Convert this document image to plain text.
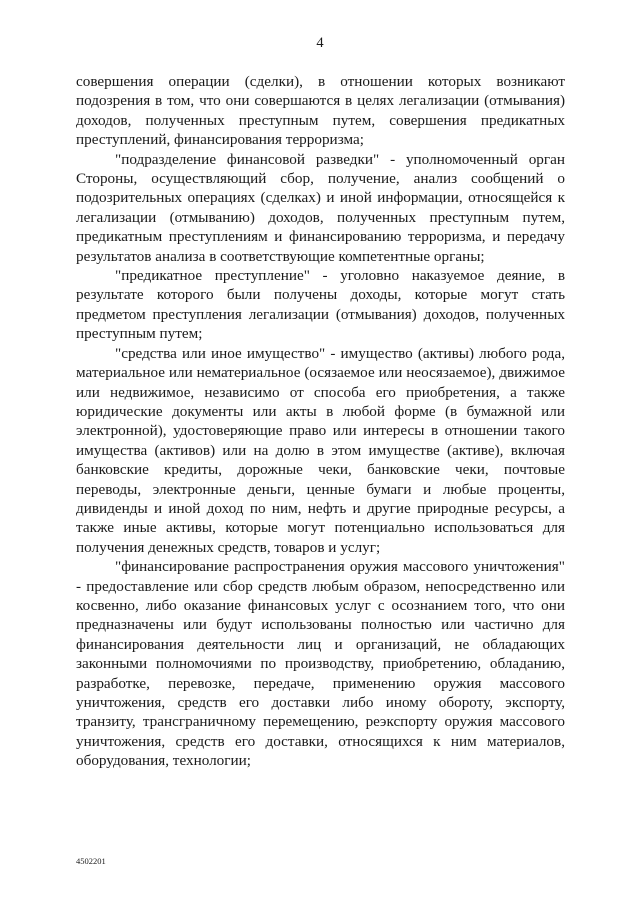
4

совершения операции (сделки), в отношении которых возникают подозрения в том, что они совершаются в целях легализации (отмывания) доходов, полученных преступным путем, совершения предикатных преступлений, финансирования терроризма;

"подразделение финансовой разведки" - уполномоченный орган Стороны, осуществляющий сбор, получение, анализ сообщений о подозрительных операциях (сделках) и иной информации, относящейся к легализации (отмыванию) доходов, полученных преступным путем, предикатным преступлениям и финансированию терроризма, и передачу результатов анализа в соответствующие компетентные органы;

"предикатное преступление" - уголовно наказуемое деяние, в результате которого были получены доходы, которые могут стать предметом преступления легализации (отмывания) доходов, полученных преступным путем;

"средства или иное имущество" - имущество (активы) любого рода, материальное или нематериальное (осязаемое или неосязаемое), движимое или недвижимое, независимо от способа его приобретения, а также юридические документы или акты в любой форме (в бумажной или электронной), удостоверяющие право или интересы в отношении такого имущества (активов) или на долю в этом имуществе (активе), включая банковские кредиты, дорожные чеки, банковские чеки, почтовые переводы, электронные деньги, ценные бумаги и любые проценты, дивиденды и иной доход по ним, нефть и другие природные ресурсы, а также иные активы, которые могут потенциально использоваться для получения денежных средств, товаров и услуг;

"финансирование распространения оружия массового уничтожения" - предоставление или сбор средств любым образом, непосредственно или косвенно, либо оказание финансовых услуг с осознанием того, что они предназначены или будут использованы полностью или частично для финансирования деятельности лиц и организаций, не обладающих законными полномочиями по производству, приобретению, обладанию, разработке, перевозке, передаче, применению оружия массового уничтожения, средств его доставки либо иному обороту, экспорту, транзиту, трансграничному перемещению, реэкспорту оружия массового уничтожения, средств его доставки, относящихся к ним материалов, оборудования, технологии;

4502201
